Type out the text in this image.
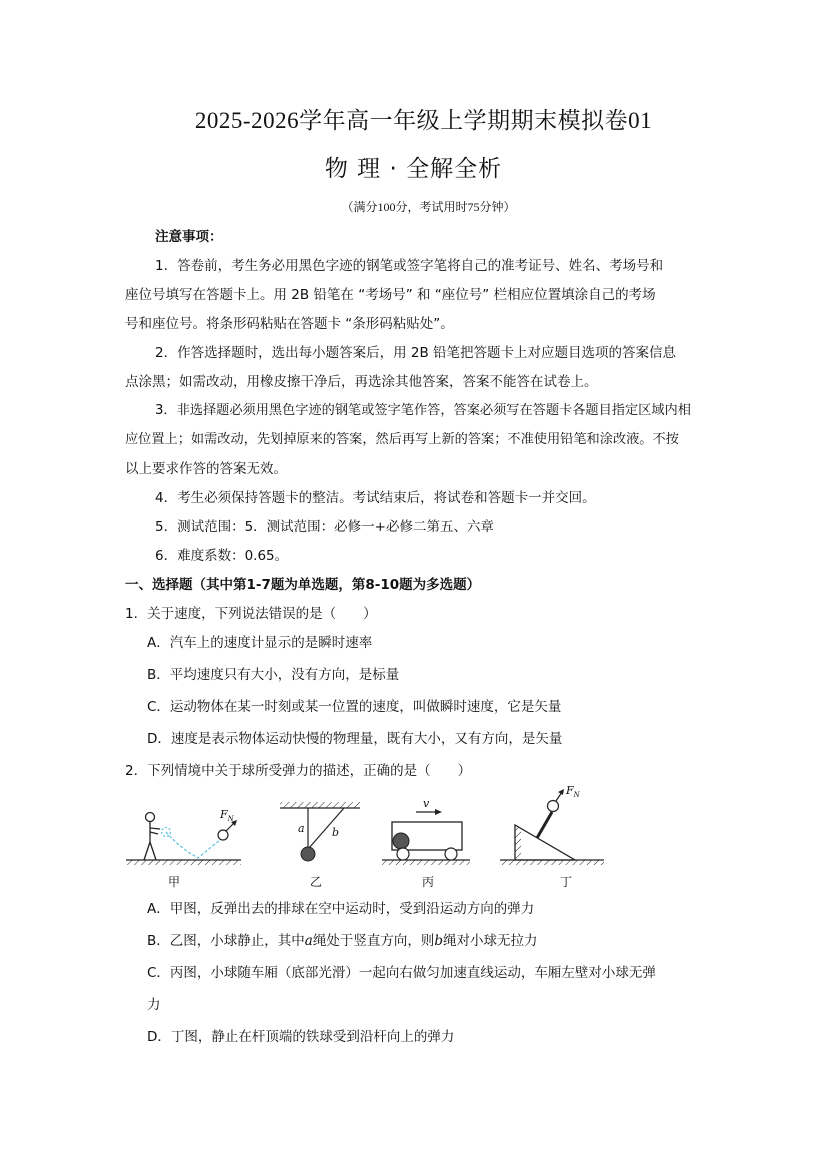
2025-2026学年高一年级上学期期末模拟卷01
物 理 · 全解全析
（满分100分，考试用时75分钟）
注意事项：
1．答卷前，考生务必用黑色字迹的钢笔或签字笔将自己的准考证号、姓名、考场号和
座位号填写在答题卡上。用 2B 铅笔在 “考场号” 和 “座位号” 栏相应位置填涂自己的考场
号和座位号。将条形码粘贴在答题卡 “条形码粘贴处”。
2．作答选择题时，选出每小题答案后，用 2B 铅笔把答题卡上对应题目选项的答案信息
点涂黑；如需改动，用橡皮擦干净后，再选涂其他答案，答案不能答在试卷上。
3．非选择题必须用黑色字迹的钢笔或签字笔作答，答案必须写在答题卡各题目指定区域内相
应位置上；如需改动，先划掉原来的答案，然后再写上新的答案；不准使用铅笔和涂改液。不按
以上要求作答的答案无效。
4．考生必须保持答题卡的整洁。考试结束后，将试卷和答题卡一并交回。
5．测试范围：5．测试范围：必修一+必修二第五、六章
6．难度系数：0.65。
一、选择题（其中第1-7题为单选题，第8-10题为多选题）
1．关于速度，下列说法错误的是（　　）
A．汽车上的速度计显示的是瞬时速率
B．平均速度只有大小，没有方向，是标量
C．运动物体在某一时刻或某一位置的速度，叫做瞬时速度，它是矢量
D．速度是表示物体运动快慢的物理量，既有大小，又有方向，是矢量
2．下列情境中关于球所受弹力的描述，正确的是（　　）
$F_N$
甲
a b
乙
v
丙
$F_N$
丁
A．甲图，反弹出去的排球在空中运动时，受到沿运动方向的弹力
B．乙图，小球静止，其中a绳处于竖直方向，则b绳对小球无拉力
C．丙图，小球随车厢（底部光滑）一起向右做匀加速直线运动，车厢左壁对小球无弹
力
D．丁图，静止在杆顶端的铁球受到沿杆向上的弹力
